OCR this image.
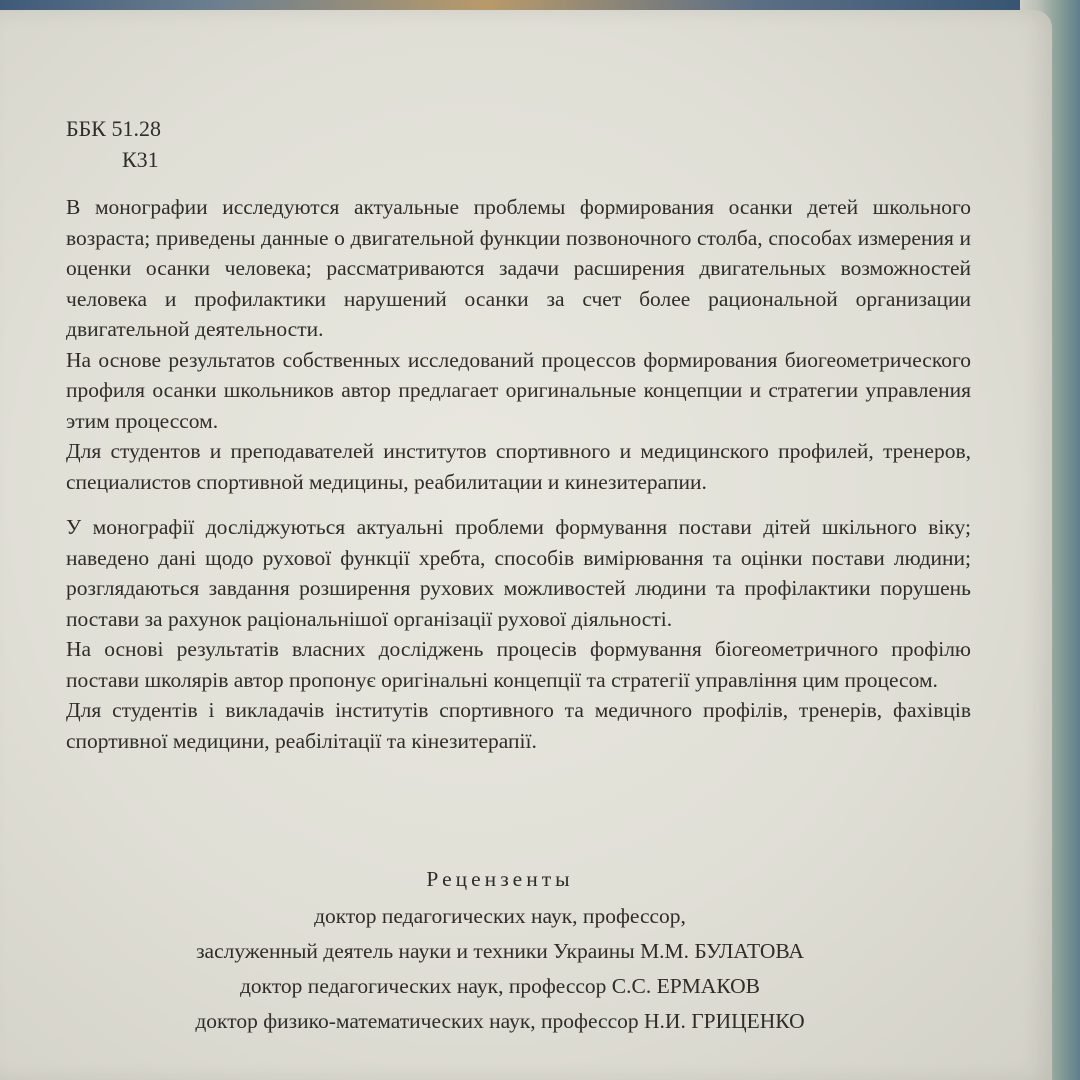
ББК 51.28
К31

В монографии исследуются актуальные проблемы формирования осанки детей школьного возраста; приведены данные о двигательной функции позвоночного столба, способах измерения и оценки осанки человека; рассматриваются задачи расширения двигательных возможностей человека и профилактики нарушений осанки за счет более рациональной организации двигательной деятельности.

На основе результатов собственных исследований процессов формирования биогеометрического профиля осанки школьников автор предлагает оригинальные концепции и стратегии управления этим процессом.

Для студентов и преподавателей институтов спортивного и медицинского профилей, тренеров, специалистов спортивной медицины, реабилитации и кинезитерапии.

У монографії досліджуються актуальні проблеми формування постави дітей шкільного віку; наведено дані щодо рухової функції хребта, способів вимірювання та оцінки постави людини; розглядаються завдання розширення рухових можливостей людини та профілактики порушень постави за рахунок раціональнішої організації рухової діяльності.

На основі результатів власних досліджень процесів формування біогеометричного профілю постави школярів автор пропонує оригінальні концепції та стратегії управління цим процесом.

Для студентів і викладачів інститутів спортивного та медичного профілів, тренерів, фахівців спортивної медицини, реабілітації та кінезитерапії.

Рецензенты
доктор педагогических наук, профессор,
заслуженный деятель науки и техники Украины М.М. БУЛАТОВА
доктор педагогических наук, профессор С.С. ЕРМАКОВ
доктор физико-математических наук, профессор Н.И. ГРИЦЕНКО
